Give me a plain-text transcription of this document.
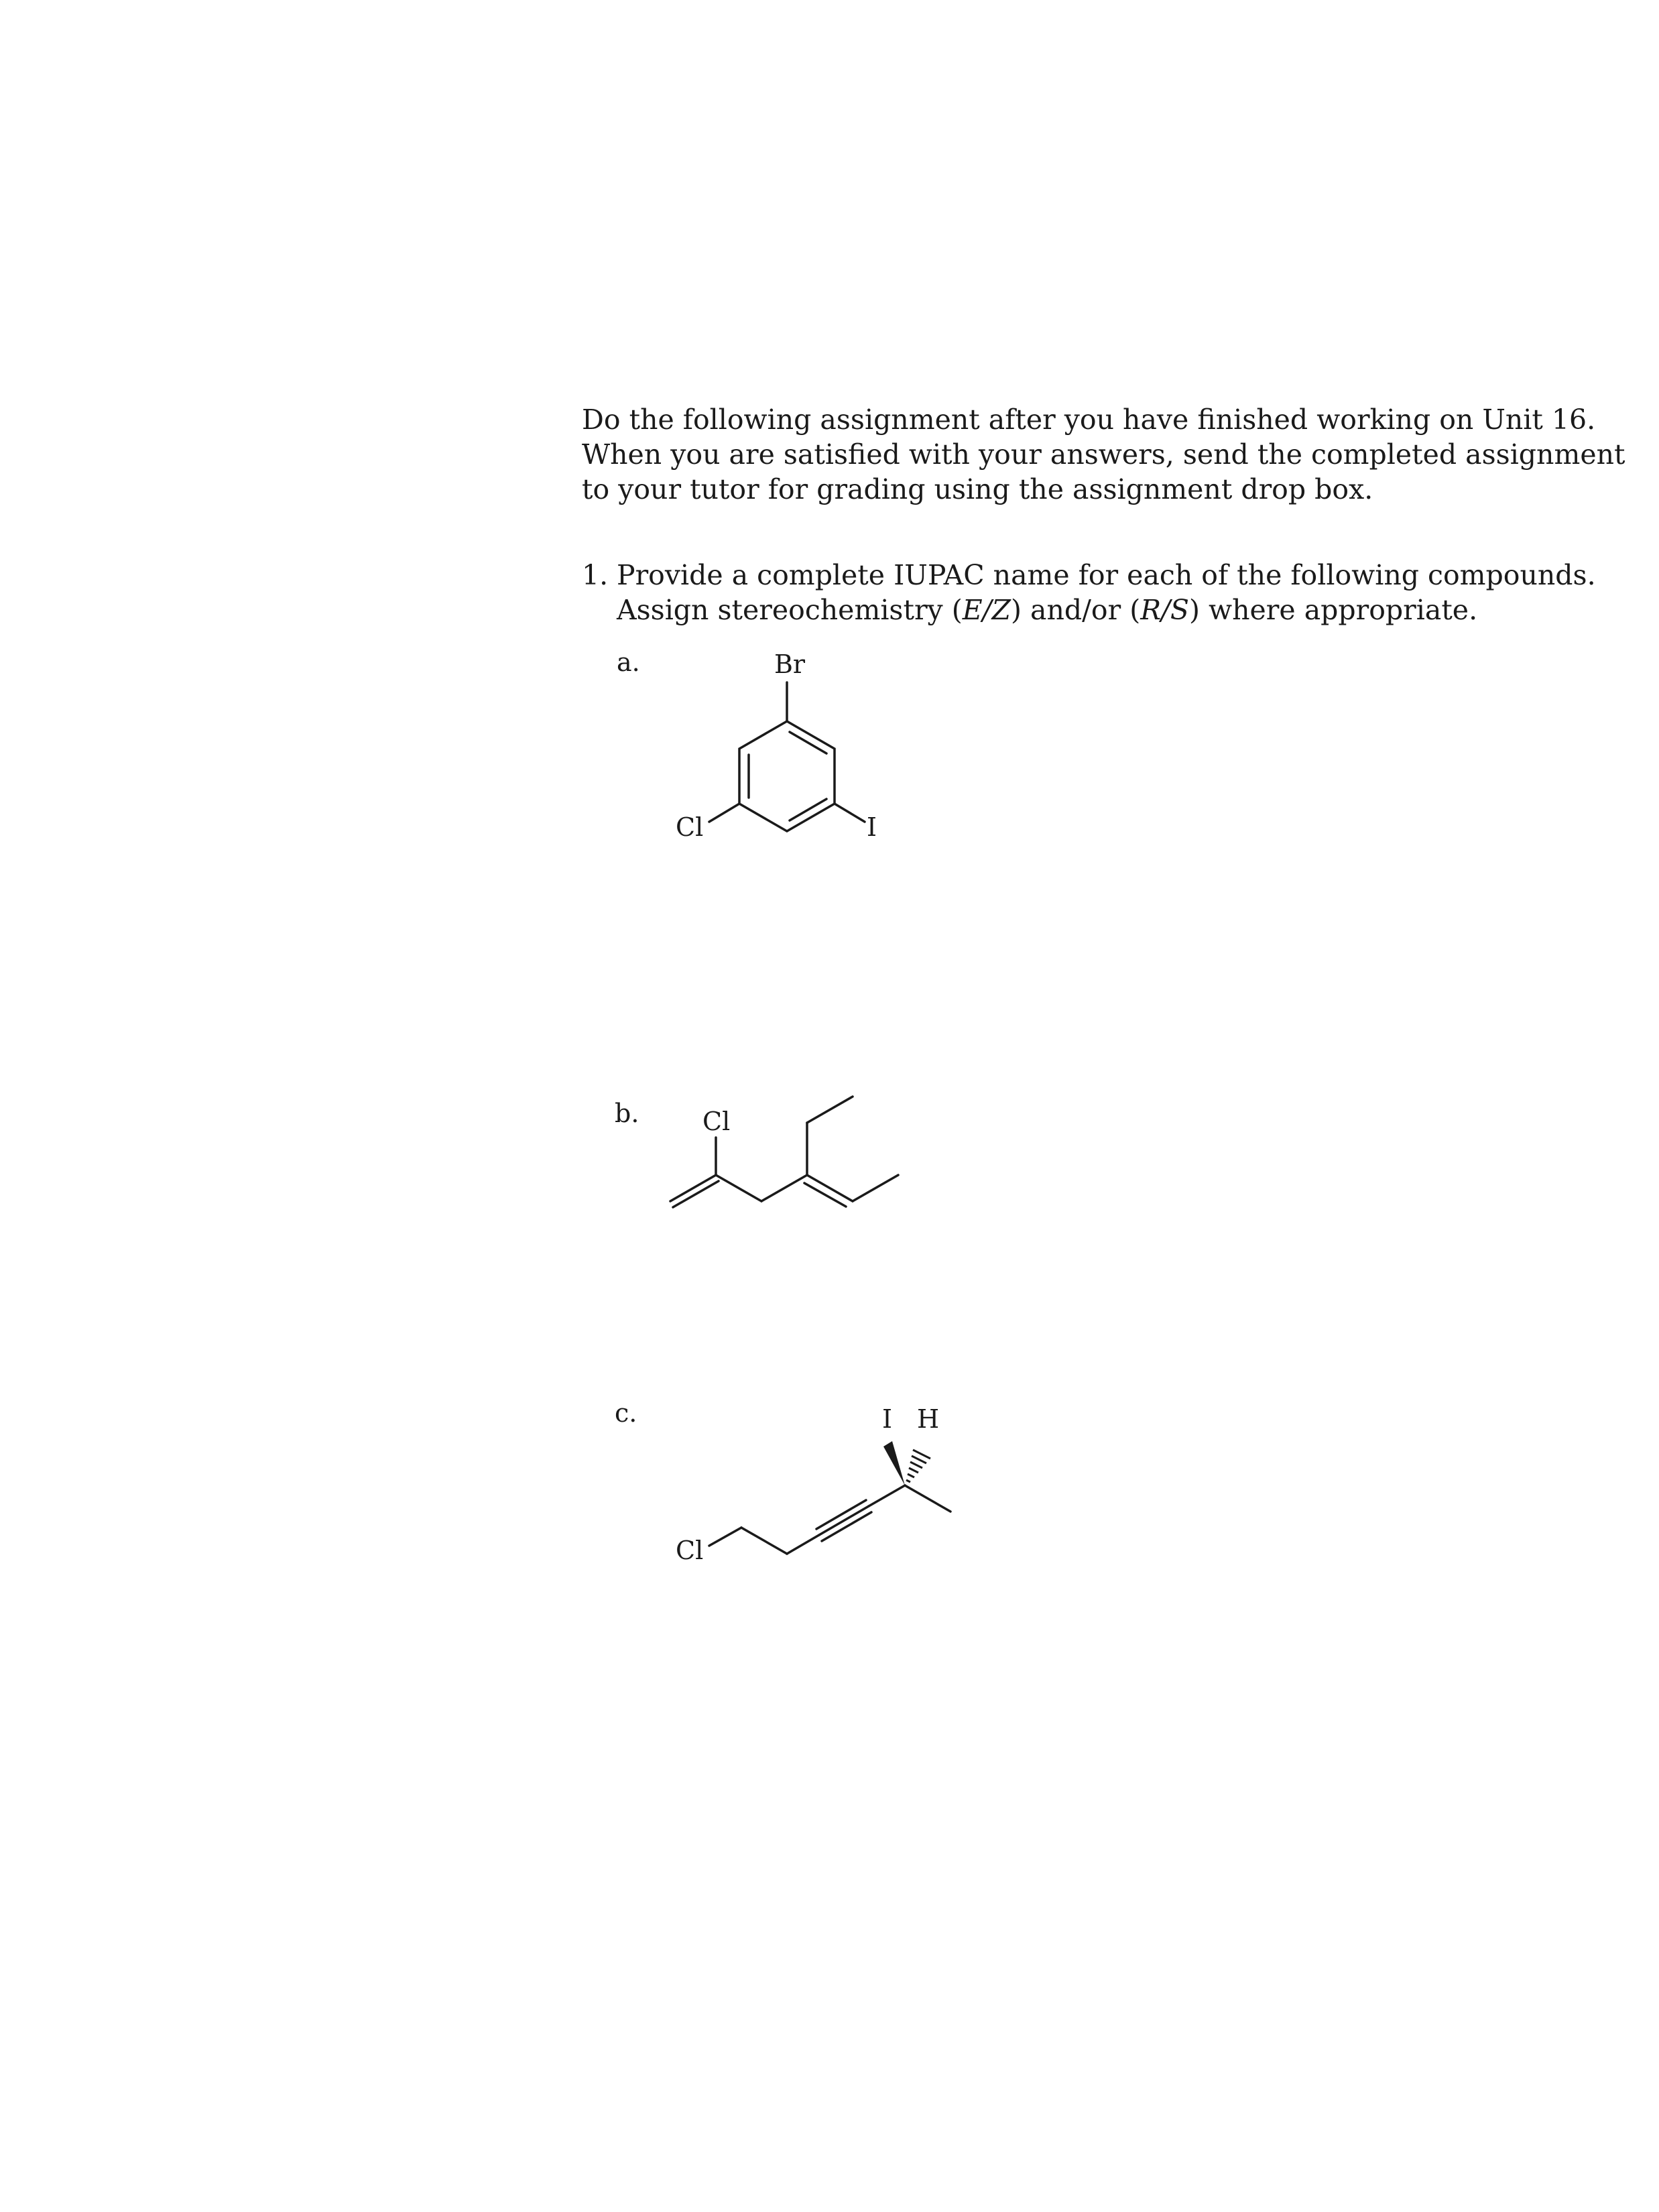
Do the following assignment after you have finished working on Unit 16.
When you are satisfied with your answers, send the completed assignment
to your tutor for grading using the assignment drop box.

1. Provide a complete IUPAC name for each of the following compounds.
Assign stereochemistry (E/Z) and/or (R/S) where appropriate.
a.	Br
Cl	I
b. Cl
c.	I H
Cl
